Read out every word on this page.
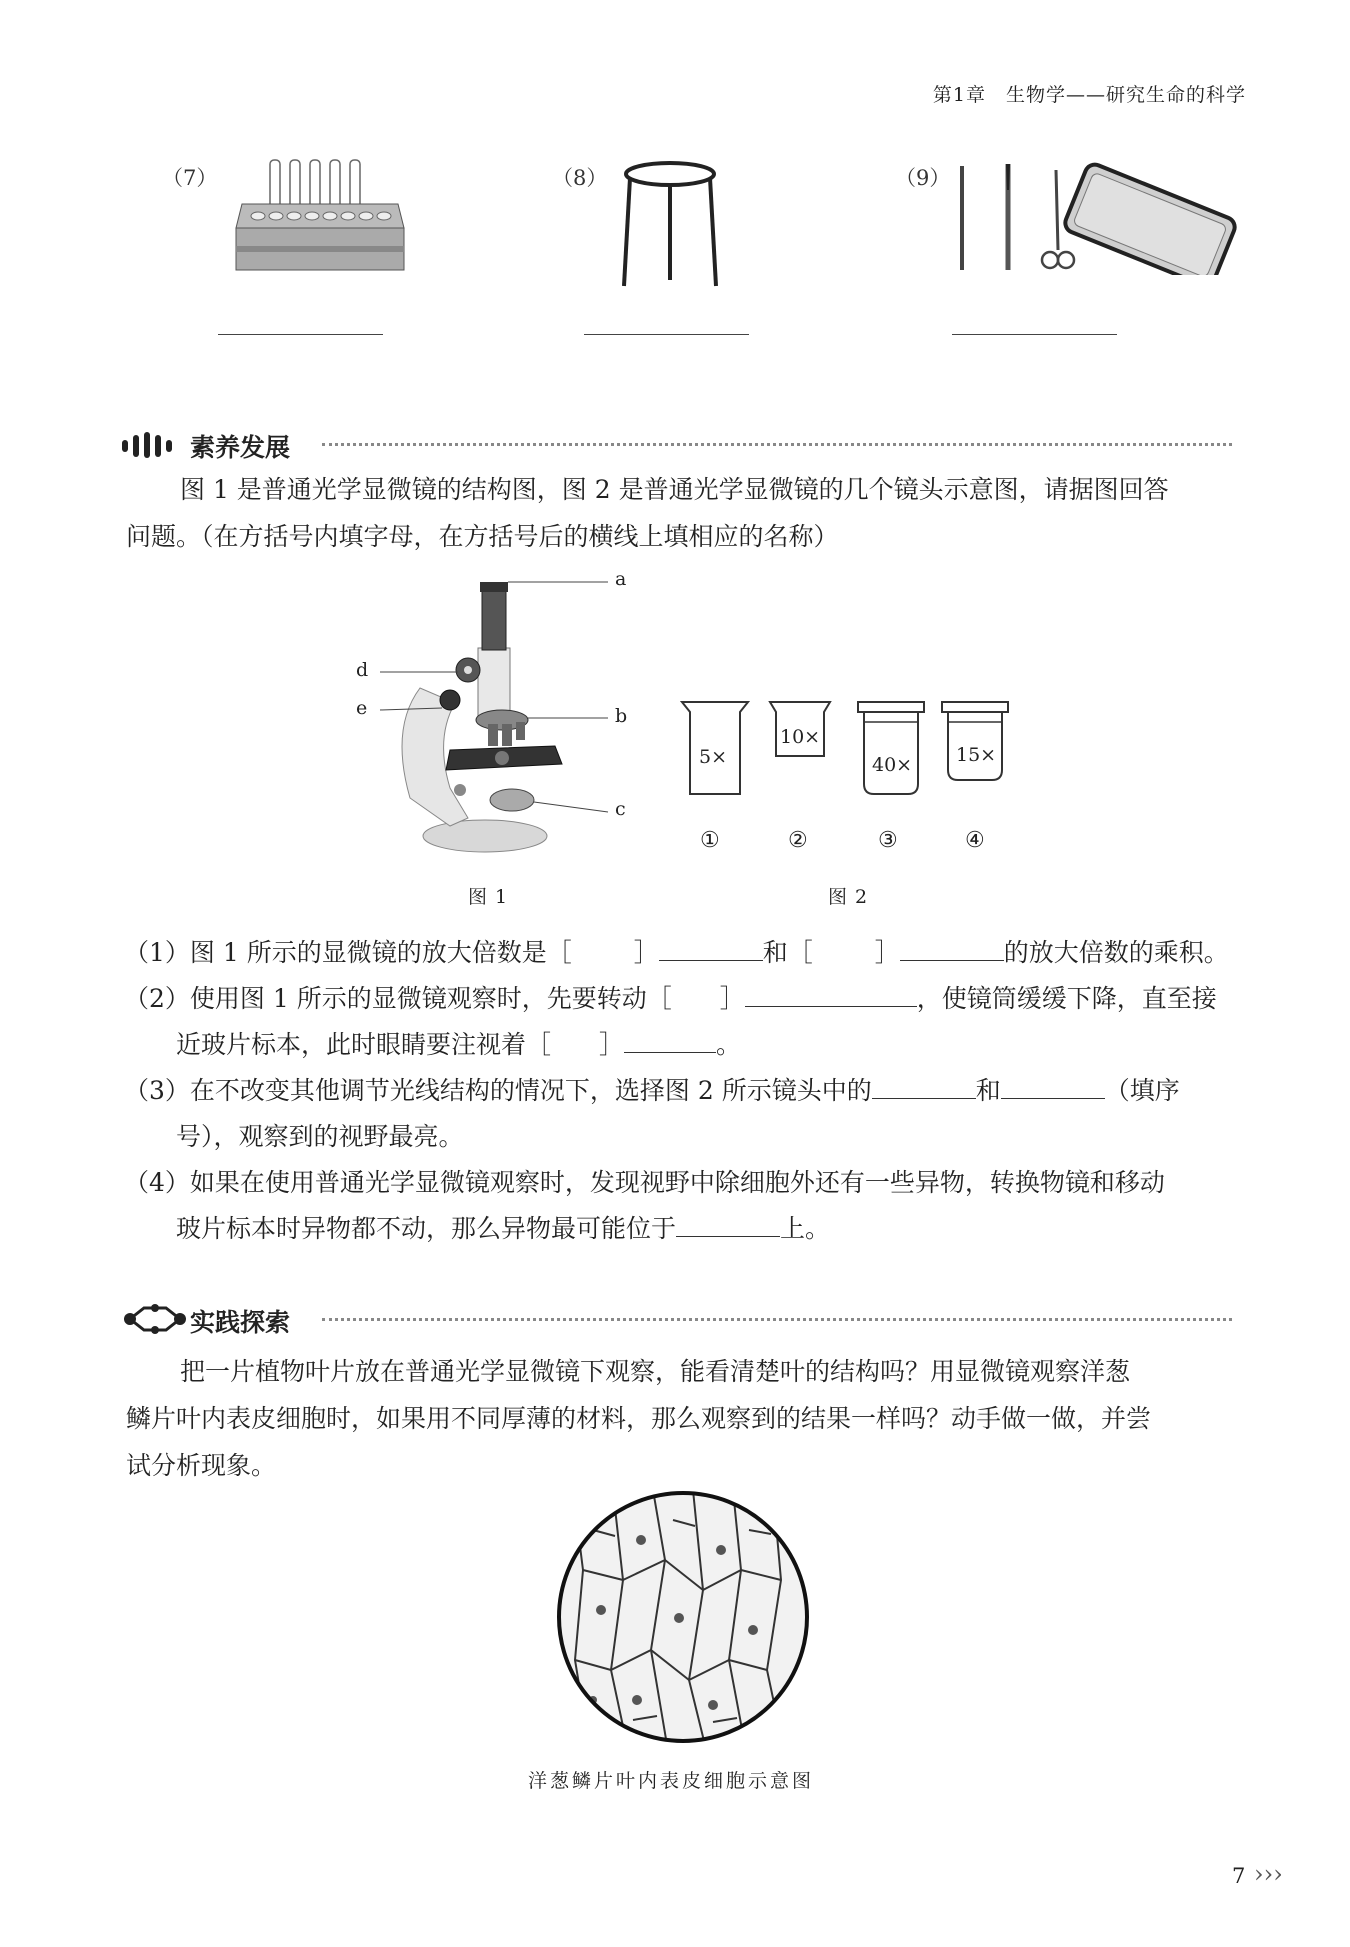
第1章　生物学——研究生命的科学
（7）	（8）	（9）
素养发展
图 1 是普通光学显微镜的结构图，图 2 是普通光学显微镜的几个镜头示意图，请据图回答

问题。（在方括号内填字母，在方括号后的横线上填相应的名称）
a
d
e	b
c
图 1
5×
10×
40× 15×
①	②	③	④
图 2
（1）图 1 所示的显微镜的放大倍数是［ ］	和［ ］	的放大倍数的乘积。
（2）使用图 1 所示的显微镜观察时，先要转动［ ］	，使镜筒缓缓下降，直至接
近玻片标本，此时眼睛要注视着［ ］	。
（3）在不改变其他调节光线结构的情况下，选择图 2 所示镜头中的	和	（填序
号），观察到的视野最亮。
（4）如果在使用普通光学显微镜观察时，发现视野中除细胞外还有一些异物，转换物镜和移动
玻片标本时异物都不动，那么异物最可能位于	上。
实践探索
把一片植物叶片放在普通光学显微镜下观察，能看清楚叶的结构吗？用显微镜观察洋葱
鳞片叶内表皮细胞时，如果用不同厚薄的材料，那么观察到的结果一样吗？动手做一做，并尝
试分析现象。
洋葱鳞片叶内表皮细胞示意图
7 ›››
